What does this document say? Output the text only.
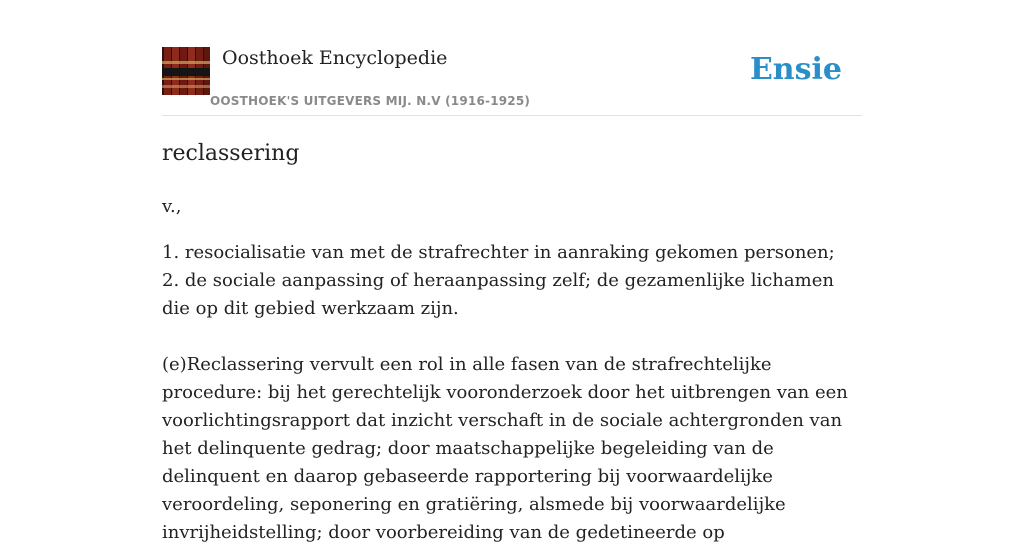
Oosthoek Encyclopedie
OOSTHOEK'S UITGEVERS MIJ. N.V (1916-1925)
Ensie
reclassering
v.,

1. resocialisatie van met de strafrechter in aanraking gekomen personen;

2. de sociale aanpassing of heraanpassing zelf; de gezamenlijke lichamen die op dit gebied werkzaam zijn.

(e)Reclassering vervult een rol in alle fasen van de strafrechtelijke procedure: bij het gerechtelijk vooronderzoek door het uitbrengen van een voorlichtingsrapport dat inzicht verschaft in de sociale achtergronden van het delinquente gedrag; door maatschappelijke begeleiding van de delinquent en daarop gebaseerde rapportering bij voorwaardelijke veroordeling, seponering en gratiëring, alsmede bij voorwaardelijke invrijheidstelling; door voorbereiding van de gedetineerde op
